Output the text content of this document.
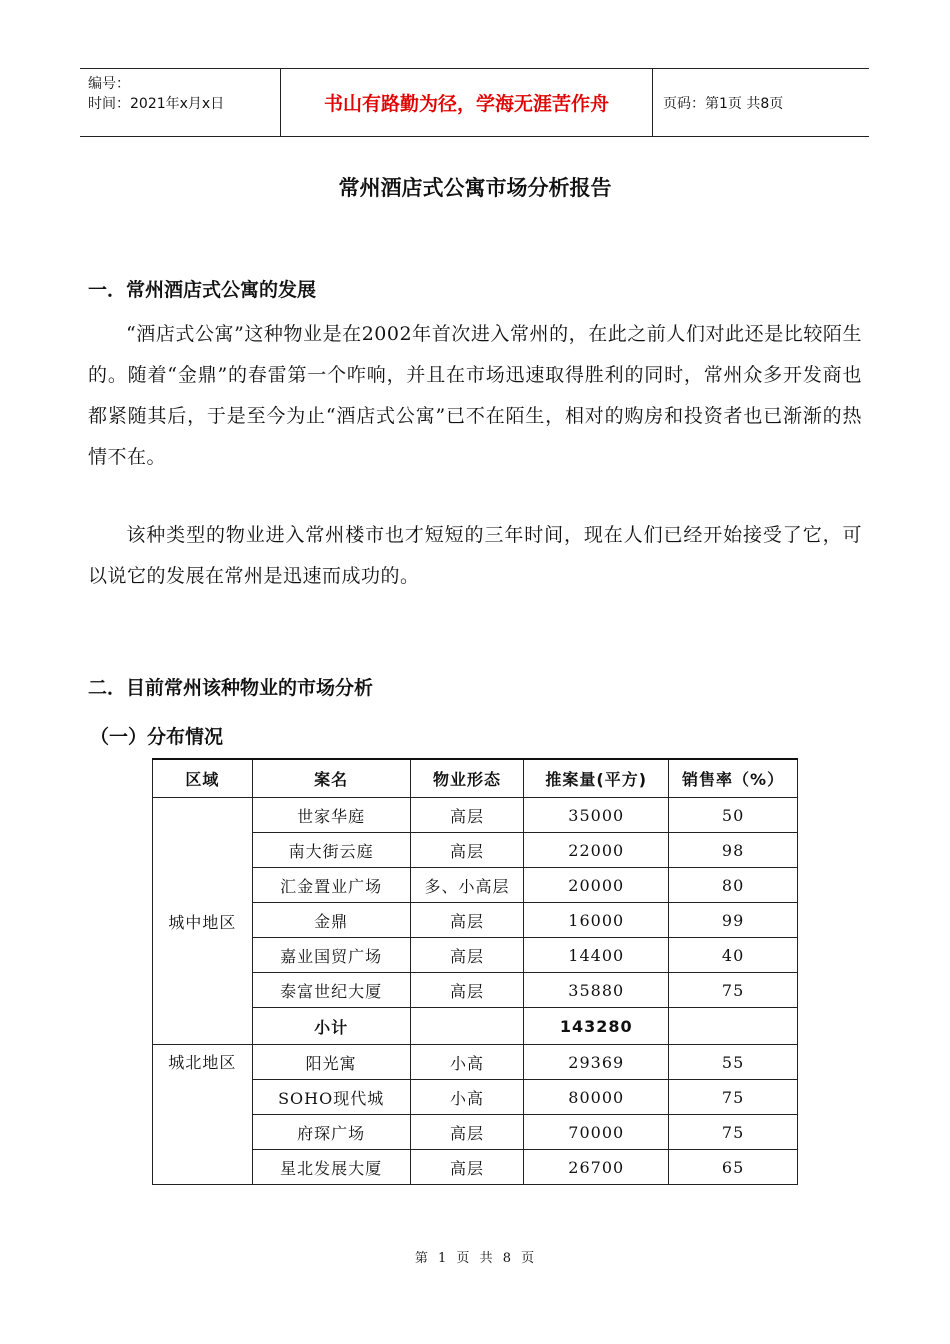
编号：
时间：2021年x月x日	书山有路勤为径，学海无涯苦作舟	页码：第1页 共8页
常州酒店式公寓市场分析报告
一．常州酒店式公寓的发展
“酒店式公寓”这种物业是在2002年首次进入常州的，在此之前人们对此还是比较陌生的。随着“金鼎”的春雷第一个咋响，并且在市场迅速取得胜利的同时，常州众多开发商也都紧随其后，于是至今为止“酒店式公寓”已不在陌生，相对的购房和投资者也已渐渐的热情不在。
该种类型的物业进入常州楼市也才短短的三年时间，现在人们已经开始接受了它，可以说它的发展在常州是迅速而成功的。
二．目前常州该种物业的市场分析
（一）分布情况
区域	案名	物业形态	推案量(平方)	销售率（%）
城中地区	世家华庭	高层	35000	50
	南大街云庭	高层	22000	98
	汇金置业广场	多、小高层	20000	80
	金鼎	高层	16000	99
	嘉业国贸广场	高层	14400	40
	泰富世纪大厦	高层	35880	75
	小计		143280	
城北地区	阳光寓	小高	29369	55
	SOHO现代城	小高	80000	75
	府琛广场	高层	70000	75
	星北发展大厦	高层	26700	65
第 1 页 共 8 页
